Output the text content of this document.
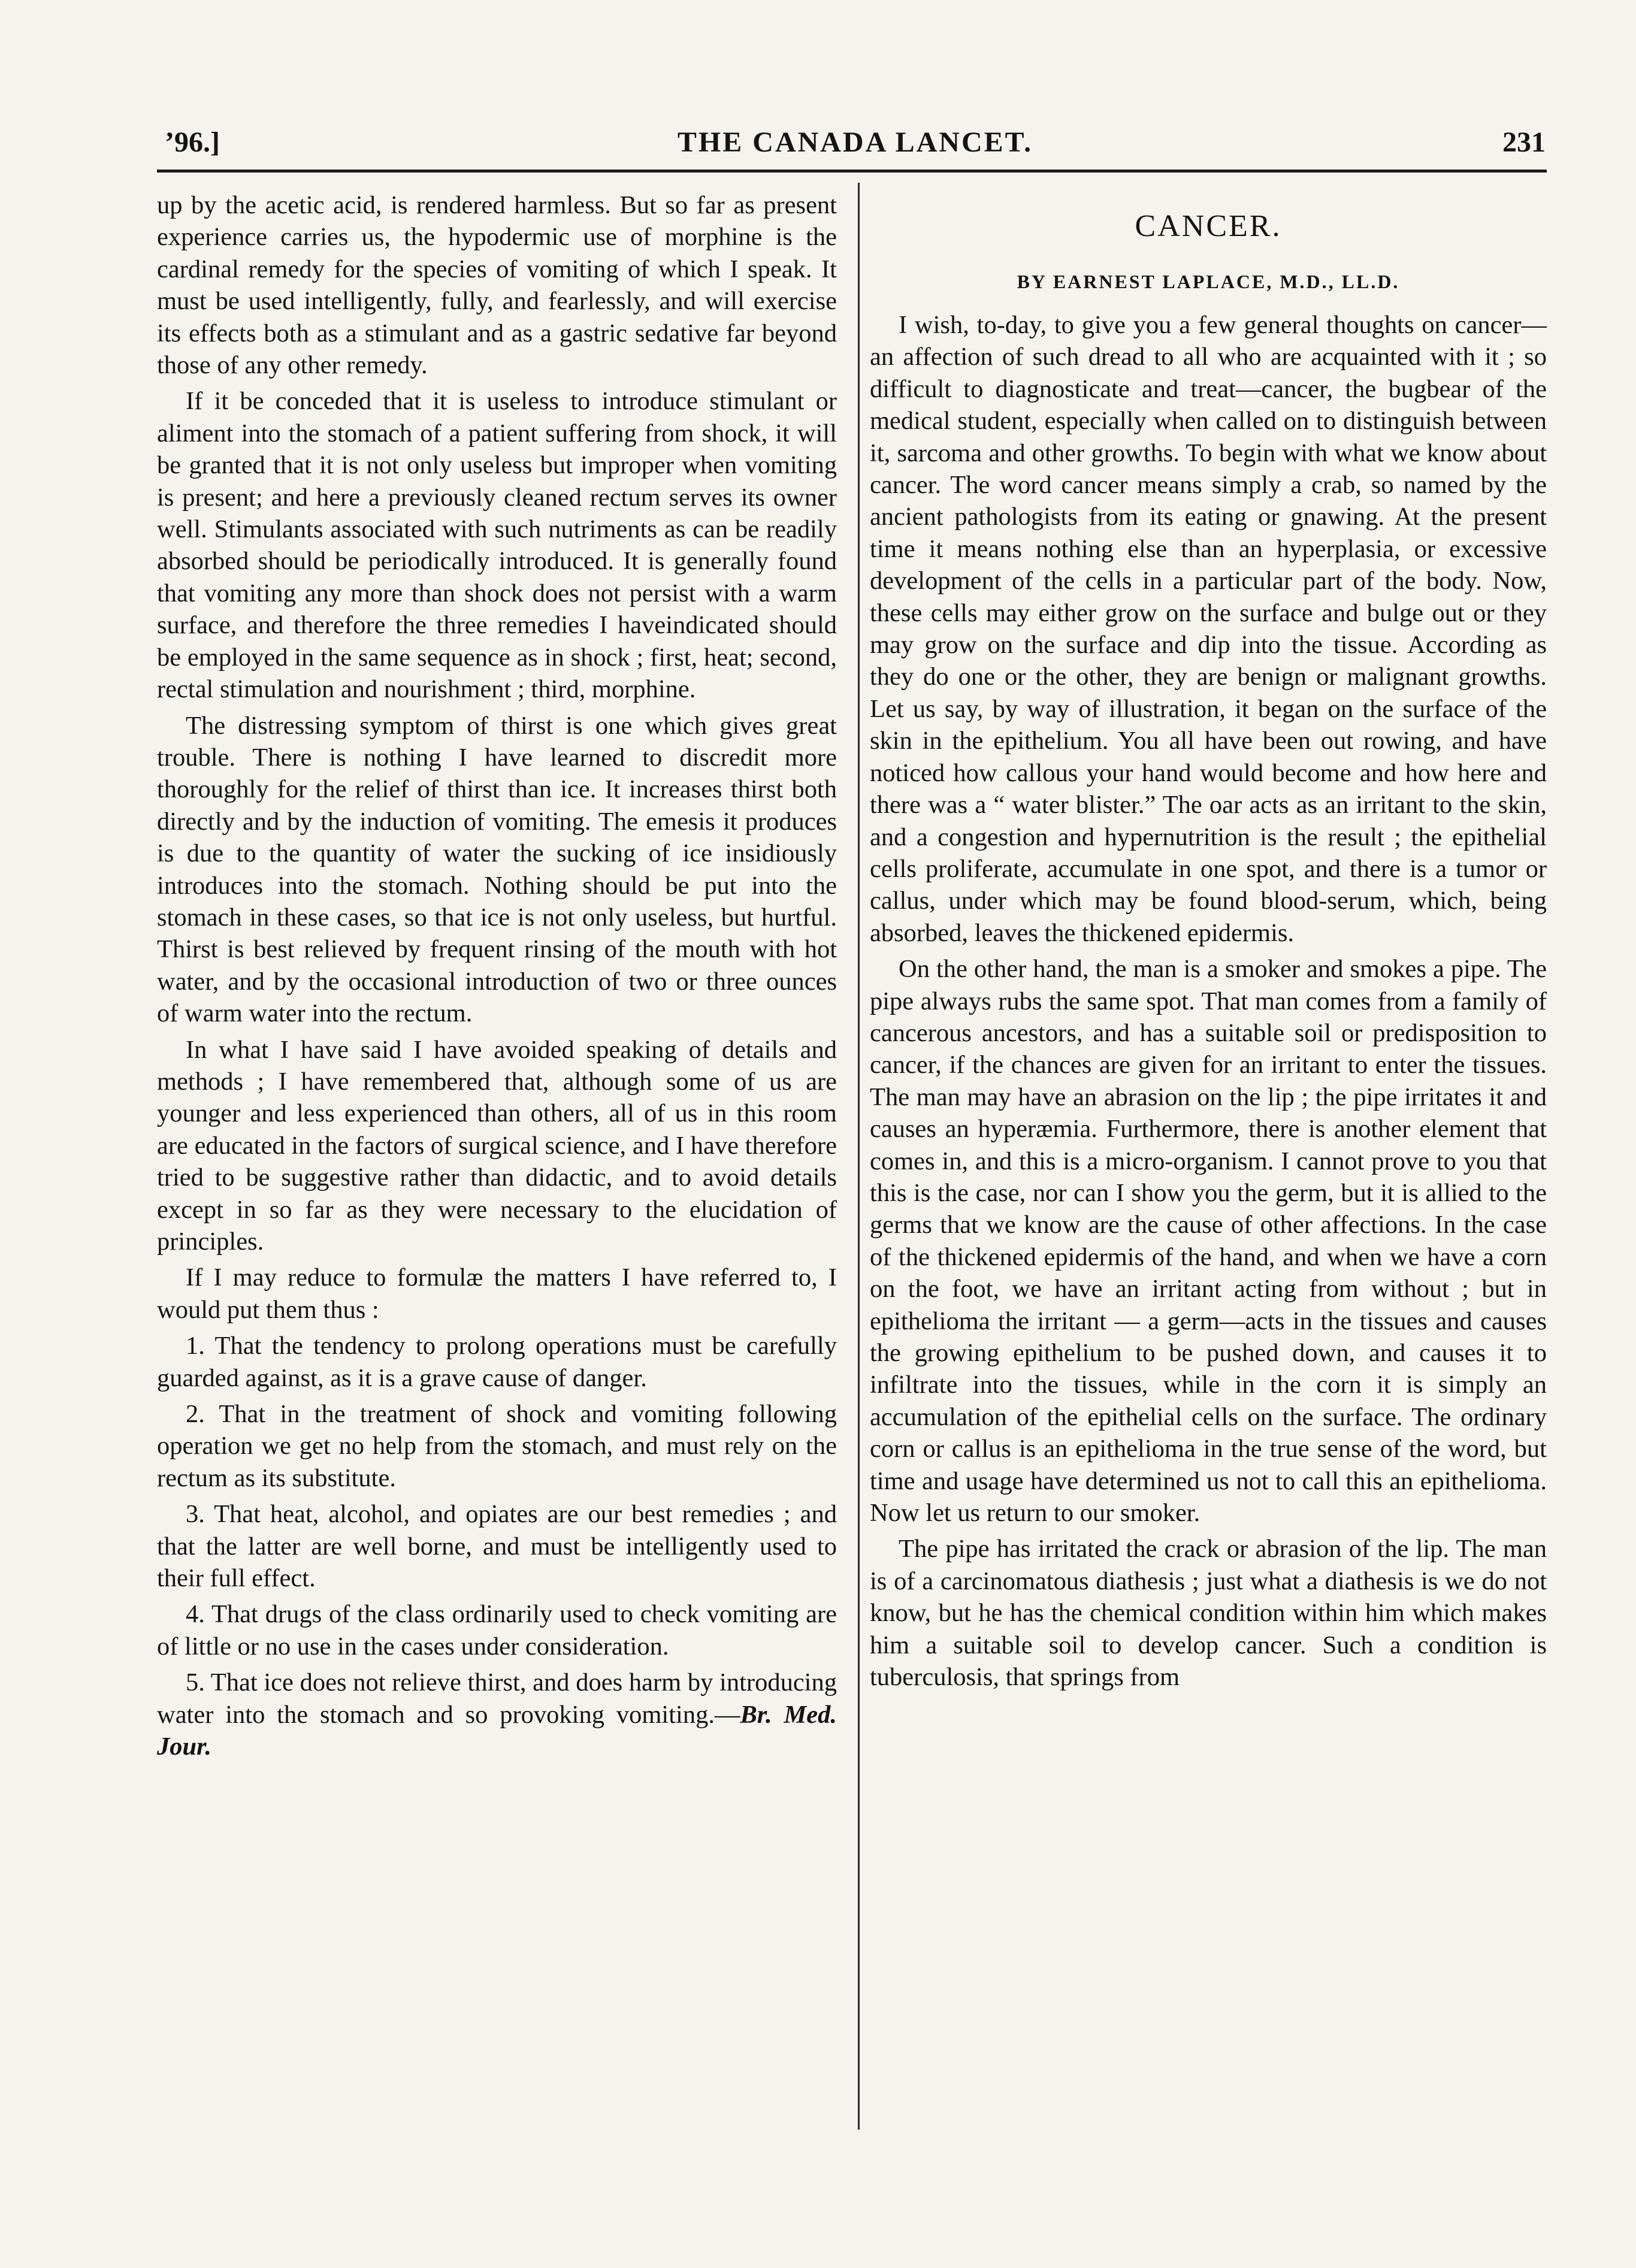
’96.]	THE CANADA LANCET.	231

up by the acetic acid, is rendered harmless. But so far as present experience carries us, the hypodermic use of morphine is the cardinal remedy for the species of vomiting of which I speak. It must be used intelligently, fully, and fearlessly, and will exercise its effects both as a stimulant and as a gastric sedative far beyond those of any other remedy.

If it be conceded that it is useless to introduce stimulant or aliment into the stomach of a patient suffering from shock, it will be granted that it is not only useless but improper when vomiting is present; and here a previously cleaned rectum serves its owner well. Stimulants associated with such nutriments as can be readily absorbed should be periodically introduced. It is generally found that vomiting any more than shock does not persist with a warm surface, and therefore the three remedies I haveindicated should be employed in the same sequence as in shock ; first, heat; second, rectal stimulation and nourishment ; third, morphine.

The distressing symptom of thirst is one which gives great trouble. There is nothing I have learned to discredit more thoroughly for the relief of thirst than ice. It increases thirst both directly and by the induction of vomiting. The emesis it produces is due to the quantity of water the sucking of ice insidiously introduces into the stomach. Nothing should be put into the stomach in these cases, so that ice is not only useless, but hurtful. Thirst is best relieved by frequent rinsing of the mouth with hot water, and by the occasional introduction of two or three ounces of warm water into the rectum.

In what I have said I have avoided speaking of details and methods ; I have remembered that, although some of us are younger and less experienced than others, all of us in this room are educated in the factors of surgical science, and I have therefore tried to be suggestive rather than didactic, and to avoid details except in so far as they were necessary to the elucidation of principles.

If I may reduce to formulæ the matters I have referred to, I would put them thus :

1. That the tendency to prolong operations must be carefully guarded against, as it is a grave cause of danger.

2. That in the treatment of shock and vomiting following operation we get no help from the stomach, and must rely on the rectum as its substitute.

3. That heat, alcohol, and opiates are our best remedies ; and that the latter are well borne, and must be intelligently used to their full effect.

4. That drugs of the class ordinarily used to check vomiting are of little or no use in the cases under consideration.

5. That ice does not relieve thirst, and does harm by introducing water into the stomach and so provoking vomiting.—Br. Med. Jour.

CANCER.
BY EARNEST LAPLACE, M.D., LL.D.

I wish, to-day, to give you a few general thoughts on cancer—an affection of such dread to all who are acquainted with it ; so difficult to diagnosticate and treat—cancer, the bugbear of the medical student, especially when called on to distinguish between it, sarcoma and other growths. To begin with what we know about cancer. The word cancer means simply a crab, so named by the ancient pathologists from its eating or gnawing. At the present time it means nothing else than an hyperplasia, or excessive development of the cells in a particular part of the body. Now, these cells may either grow on the surface and bulge out or they may grow on the surface and dip into the tissue. According as they do one or the other, they are benign or malignant growths. Let us say, by way of illustration, it began on the surface of the skin in the epithelium. You all have been out rowing, and have noticed how callous your hand would become and how here and there was a “ water blister.” The oar acts as an irritant to the skin, and a congestion and hypernutrition is the result ; the epithelial cells proliferate, accumulate in one spot, and there is a tumor or callus, under which may be found blood-serum, which, being absorbed, leaves the thickened epidermis.

On the other hand, the man is a smoker and smokes a pipe. The pipe always rubs the same spot. That man comes from a family of cancerous ancestors, and has a suitable soil or predisposition to cancer, if the chances are given for an irritant to enter the tissues. The man may have an abrasion on the lip ; the pipe irritates it and causes an hyperæmia. Furthermore, there is another element that comes in, and this is a micro-organism. I cannot prove to you that this is the case, nor can I show you the germ, but it is allied to the germs that we know are the cause of other affections. In the case of the thickened epidermis of the hand, and when we have a corn on the foot, we have an irritant acting from without ; but in epithelioma the irritant — a germ—acts in the tissues and causes the growing epithelium to be pushed down, and causes it to infiltrate into the tissues, while in the corn it is simply an accumulation of the epithelial cells on the surface. The ordinary corn or callus is an epithelioma in the true sense of the word, but time and usage have determined us not to call this an epithelioma. Now let us return to our smoker.

The pipe has irritated the crack or abrasion of the lip. The man is of a carcinomatous diathesis ; just what a diathesis is we do not know, but he has the chemical condition within him which makes him a suitable soil to develop cancer. Such a condition is tuberculosis, that springs from
